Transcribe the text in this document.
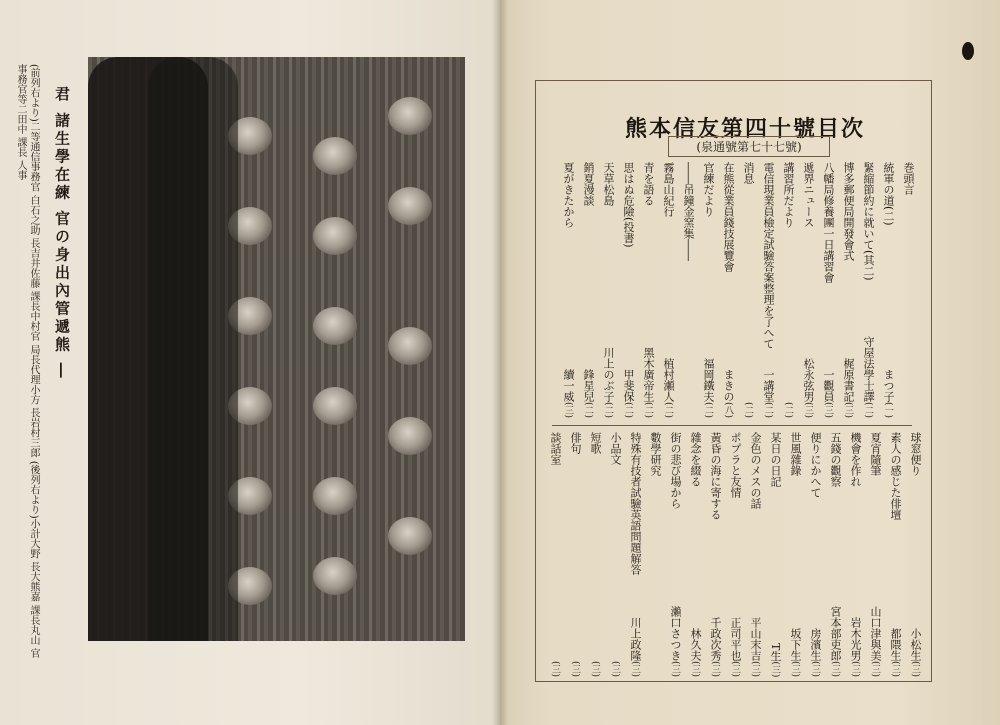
君 諸生學在練 官の身出內管遞熊 ―
(前列右より)二等通信事務官 白石之助 長吉井佐藤 課長中村官 局長代理小方 長岩村三郎 (後列右より)小計大野 長大熊嘉 課長丸山 官事務官等二田中 課長 人事	熊本信友第四十號目次
(泉通號第七十七號)
巻頭言
統軍の道(二)
まつ子(一)
緊縮節約に就いて(其二)
守屋法學士譯(二)
博多郵便局開發會式
梶原書記(三)
八幡局修養團一日講習會
一觀員(三)
遞界ニュース
松永弦男(三)
講習所だより
(二)
電信現業員檢定試驗答案整理を了へて
一講堂(二)
消息
(二)
在熊從業員錢技展覽會
まきの(八)
官練だより
福岡鐵夫(二)
――吊鐘金窯集――
霧島山紀行
植村瀬人(二)
青を語る
黑木廣帝生(二)
思はぬ危險(投書)
甲斐保(二)
天草松島
川上のぶ子(二)
銷夏漫談
鋒星兒(二)
夏がきたから
續一威(三)
球窓便り
小松生(三)
素人の感じた俳壇
都隈生(三)
夏宵隨筆
山口津與美(三)
機會を作れ
岩木光男(三)
五錢の觀察
宮本部吏郎(三)
便りにかへて
房濱生(三)
世風雜錄
坂下生(三)
某日の日記
T生(三)
金色のメスの話
平山末吉(三)
ポプラと友情
正司平也(三)
黃昏の海に寄する
千政次秀(三)
雜念を綴る
林久夫(三)
街の悲び場から
瀨口さつき(三)
數學研究
特殊有技者試驗英語問題解答
川上政隆(三)
小品文
(三)
短歌
(三)
俳句
(三)
談話室
(三)
